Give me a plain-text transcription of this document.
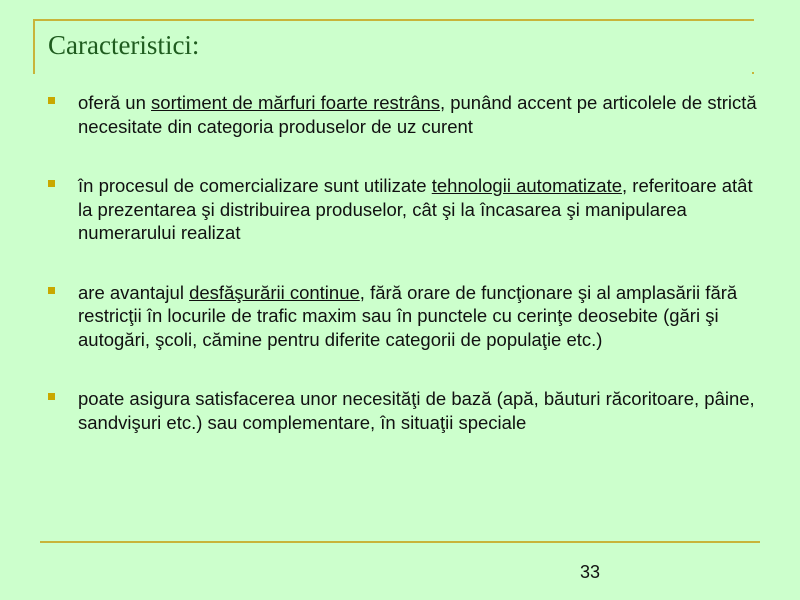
Caracteristici:
oferă un sortiment de mărfuri foarte restrâns, punând accent pe articolele de strictă necesitate din categoria produselor de uz curent
în procesul de comercializare sunt utilizate tehnologii automatizate, referitoare atât la prezentarea şi distribuirea produselor, cât şi la încasarea şi manipularea numerarului realizat
are avantajul desfăşurării continue, fără orare de funcţionare şi al amplasării fără restricţii în locurile de trafic maxim sau în punctele cu cerinţe deosebite (gări şi autogări, şcoli, cămine pentru diferite categorii de populaţie etc.)
poate asigura satisfacerea unor necesităţi de bază (apă, băuturi răcoritoare, pâine, sandvişuri etc.) sau complementare, în situaţii speciale
33
